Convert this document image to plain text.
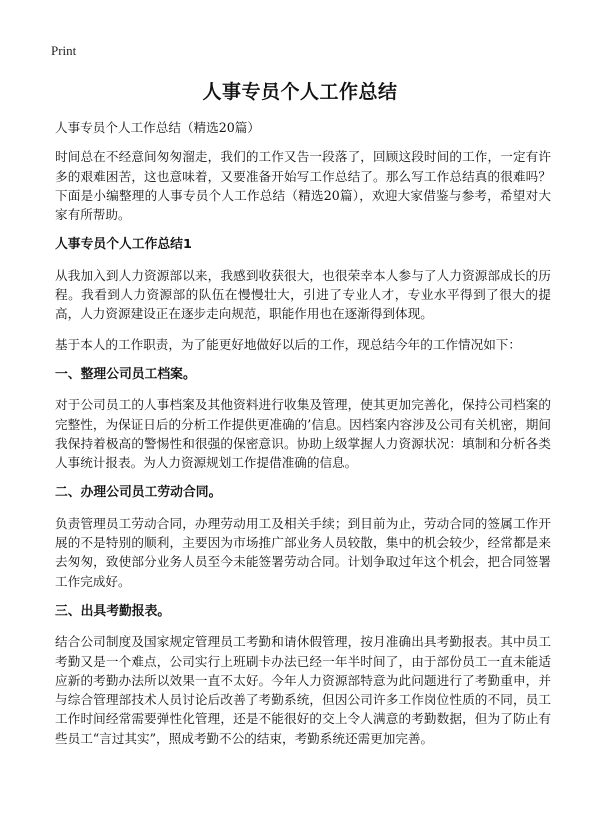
Print
人事专员个人工作总结

人事专员个人工作总结（精选20篇）

时间总在不经意间匆匆溜走，我们的工作又告一段落了，回顾这段时间的工作，一定有许多的艰难困苦，这也意味着，又要准备开始写工作总结了。那么写工作总结真的很难吗？下面是小编整理的人事专员个人工作总结（精选20篇），欢迎大家借鉴与参考，希望对大家有所帮助。

人事专员个人工作总结1

从我加入到人力资源部以来，我感到收获很大，也很荣幸本人参与了人力资源部成长的历程。我看到人力资源部的队伍在慢慢壮大，引进了专业人才，专业水平得到了很大的提高，人力资源建设正在逐步走向规范，职能作用也在逐渐得到体现。

基于本人的工作职责，为了能更好地做好以后的工作，现总结今年的工作情况如下：

一、整理公司员工档案。

对于公司员工的人事档案及其他资料进行收集及管理，使其更加完善化，保持公司档案的完整性，为保证日后的分析工作提供更准确的’信息。因档案内容涉及公司有关机密，期间我保持着极高的警惕性和很强的保密意识。协助上级掌握人力资源状况：填制和分析各类人事统计报表。为人力资源规划工作提借准确的信息。

二、办理公司员工劳动合同。

负责管理员工劳动合同，办理劳动用工及相关手续；到目前为止，劳动合同的签属工作开展的不是特别的顺利，主要因为市场推广部业务人员较散，集中的机会较少，经常都是来去匆匆，致使部分业务人员至今未能签署劳动合同。计划争取过年这个机会，把合同签署工作完成好。

三、出具考勤报表。

结合公司制度及国家规定管理员工考勤和请休假管理，按月准确出具考勤报表。其中员工考勤又是一个难点，公司实行上班刷卡办法已经一年半时间了，由于部份员工一直未能适应新的考勤办法所以效果一直不太好。今年人力资源部特意为此问题进行了考勤重申，并与综合管理部技术人员讨论后改善了考勤系统，但因公司许多工作岗位性质的不同，员工工作时间经常需要弹性化管理，还是不能很好的交上令人满意的考勤数据，但为了防止有些员工“言过其实”，照成考勤不公的结束，考勤系统还需更加完善。
